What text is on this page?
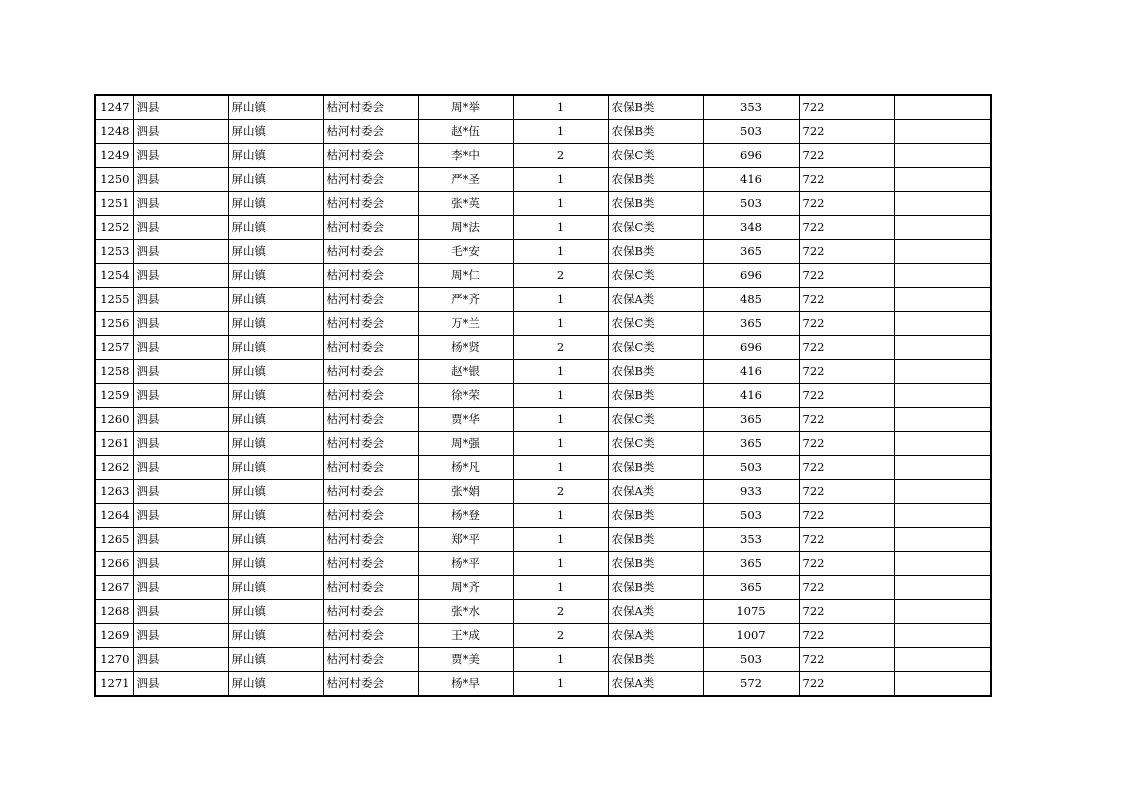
1247	泗县	屏山镇	枯河村委会	周*举	1	农保B类	353	722	
1248	泗县	屏山镇	枯河村委会	赵*伍	1	农保B类	503	722	
1249	泗县	屏山镇	枯河村委会	李*中	2	农保C类	696	722	
1250	泗县	屏山镇	枯河村委会	严*圣	1	农保B类	416	722	
1251	泗县	屏山镇	枯河村委会	张*英	1	农保B类	503	722	
1252	泗县	屏山镇	枯河村委会	周*法	1	农保C类	348	722	
1253	泗县	屏山镇	枯河村委会	毛*安	1	农保B类	365	722	
1254	泗县	屏山镇	枯河村委会	周*仁	2	农保C类	696	722	
1255	泗县	屏山镇	枯河村委会	严*齐	1	农保A类	485	722	
1256	泗县	屏山镇	枯河村委会	万*兰	1	农保C类	365	722	
1257	泗县	屏山镇	枯河村委会	杨*贤	2	农保C类	696	722	
1258	泗县	屏山镇	枯河村委会	赵*银	1	农保B类	416	722	
1259	泗县	屏山镇	枯河村委会	徐*荣	1	农保B类	416	722	
1260	泗县	屏山镇	枯河村委会	贾*华	1	农保C类	365	722	
1261	泗县	屏山镇	枯河村委会	周*强	1	农保C类	365	722	
1262	泗县	屏山镇	枯河村委会	杨*凡	1	农保B类	503	722	
1263	泗县	屏山镇	枯河村委会	张*娟	2	农保A类	933	722	
1264	泗县	屏山镇	枯河村委会	杨*登	1	农保B类	503	722	
1265	泗县	屏山镇	枯河村委会	郑*平	1	农保B类	353	722	
1266	泗县	屏山镇	枯河村委会	杨*平	1	农保B类	365	722	
1267	泗县	屏山镇	枯河村委会	周*齐	1	农保B类	365	722	
1268	泗县	屏山镇	枯河村委会	张*水	2	农保A类	1075	722	
1269	泗县	屏山镇	枯河村委会	王*成	2	农保A类	1007	722	
1270	泗县	屏山镇	枯河村委会	贾*美	1	农保B类	503	722	
1271	泗县	屏山镇	枯河村委会	杨*早	1	农保A类	572	722	
